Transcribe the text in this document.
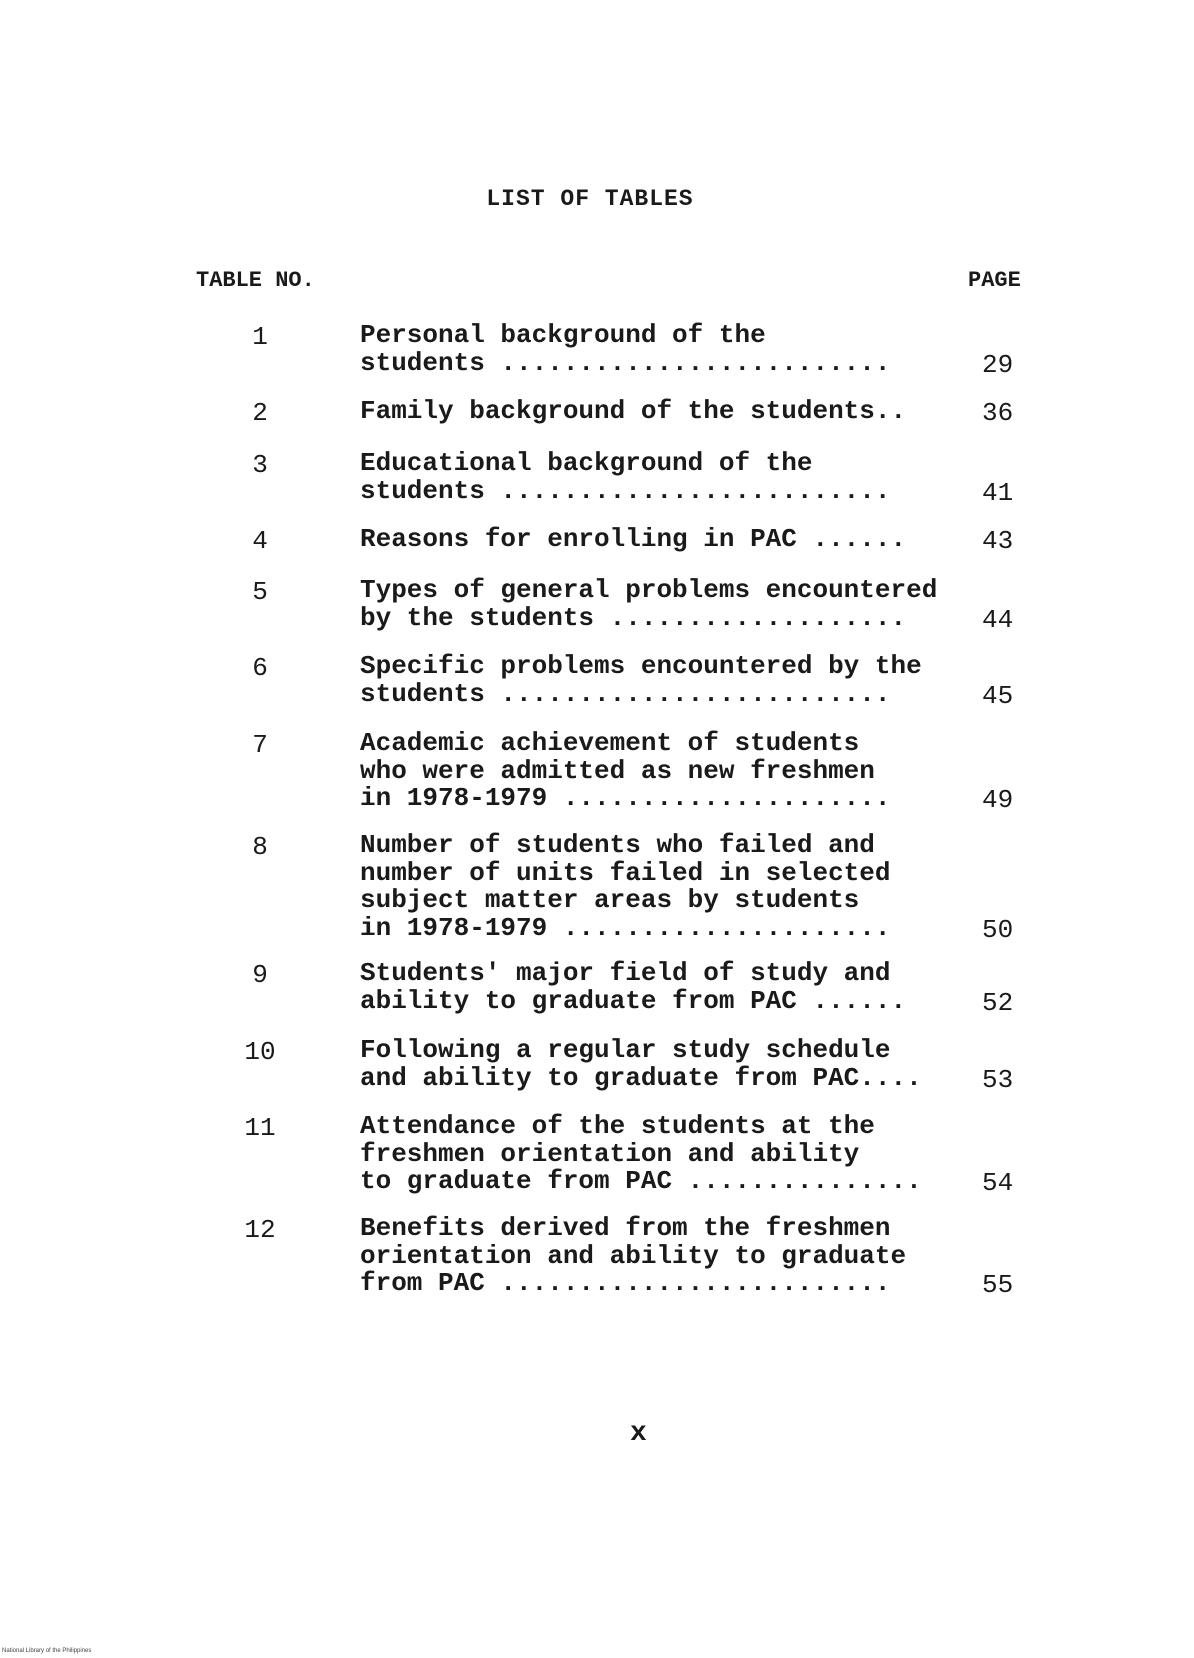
LIST OF TABLES
TABLE NO.	PAGE
1	Personal background of the
students .........................	29
2	Family background of the students..	36
3	Educational background of the
students .........................	41
4	Reasons for enrolling in PAC ......	43
5	Types of general problems encountered
by the students ...................	44
6	Specific problems encountered by the
students .........................	45
7	Academic achievement of students
who were admitted as new freshmen
in 1978-1979 .....................	49
8	Number of students who failed and
number of units failed in selected
subject matter areas by students
in 1978-1979 .....................	50
9	Students' major field of study and
ability to graduate from PAC ......	52
10	Following a regular study schedule
and ability to graduate from PAC....	53
11	Attendance of the students at the
freshmen orientation and ability
to graduate from PAC ...............	54
12	Benefits derived from the freshmen
orientation and ability to graduate
from PAC .........................	55
x
National Library of the Philippines
